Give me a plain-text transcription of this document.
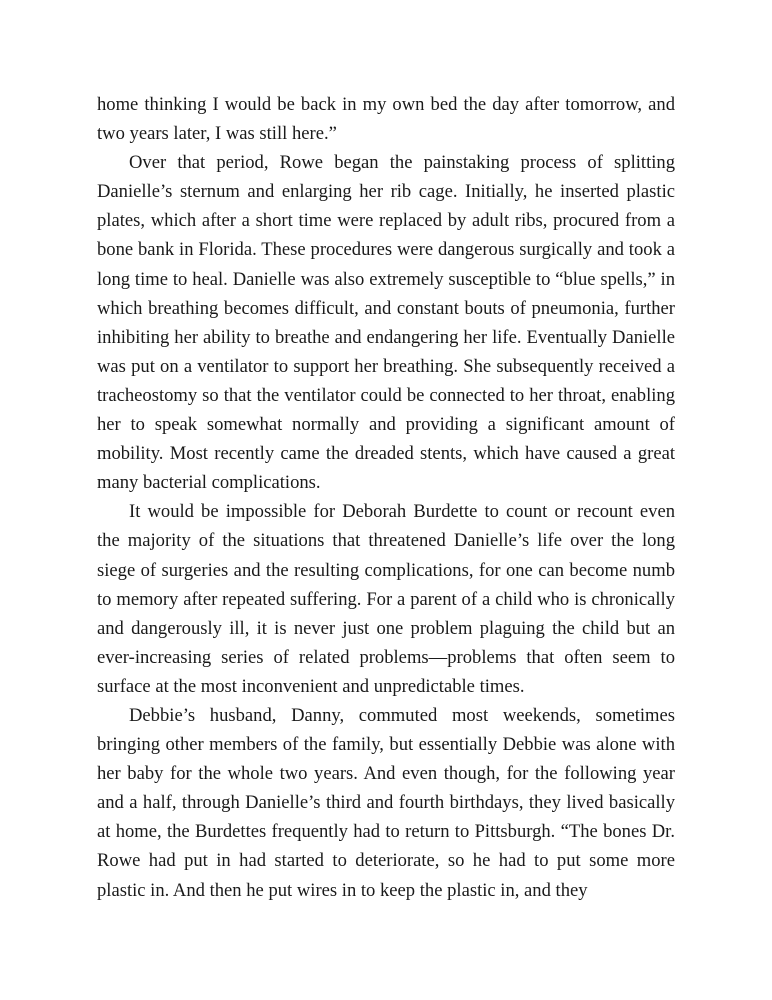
home thinking I would be back in my own bed the day after tomorrow, and two years later, I was still here.”

Over that period, Rowe began the painstaking process of splitting Danielle’s sternum and enlarging her rib cage. Initially, he inserted plastic plates, which after a short time were replaced by adult ribs, procured from a bone bank in Florida. These procedures were dangerous surgically and took a long time to heal. Danielle was also extremely susceptible to “blue spells,” in which breathing becomes difficult, and constant bouts of pneumonia, further inhibiting her ability to breathe and endangering her life. Eventually Danielle was put on a ventilator to support her breathing. She subsequently received a tracheostomy so that the ventilator could be connected to her throat, enabling her to speak somewhat normally and providing a significant amount of mobility. Most recently came the dreaded stents, which have caused a great many bacterial complications.

It would be impossible for Deborah Burdette to count or recount even the majority of the situations that threatened Danielle’s life over the long siege of surgeries and the resulting complications, for one can become numb to memory after repeated suffering. For a parent of a child who is chronically and dangerously ill, it is never just one problem plaguing the child but an ever-increasing series of related problems—problems that often seem to surface at the most inconvenient and unpredictable times.

Debbie’s husband, Danny, commuted most weekends, sometimes bringing other members of the family, but essentially Debbie was alone with her baby for the whole two years. And even though, for the following year and a half, through Danielle’s third and fourth birthdays, they lived basically at home, the Burdettes frequently had to return to Pittsburgh. “The bones Dr. Rowe had put in had started to deteriorate, so he had to put some more plastic in. And then he put wires in to keep the plastic in, and they
